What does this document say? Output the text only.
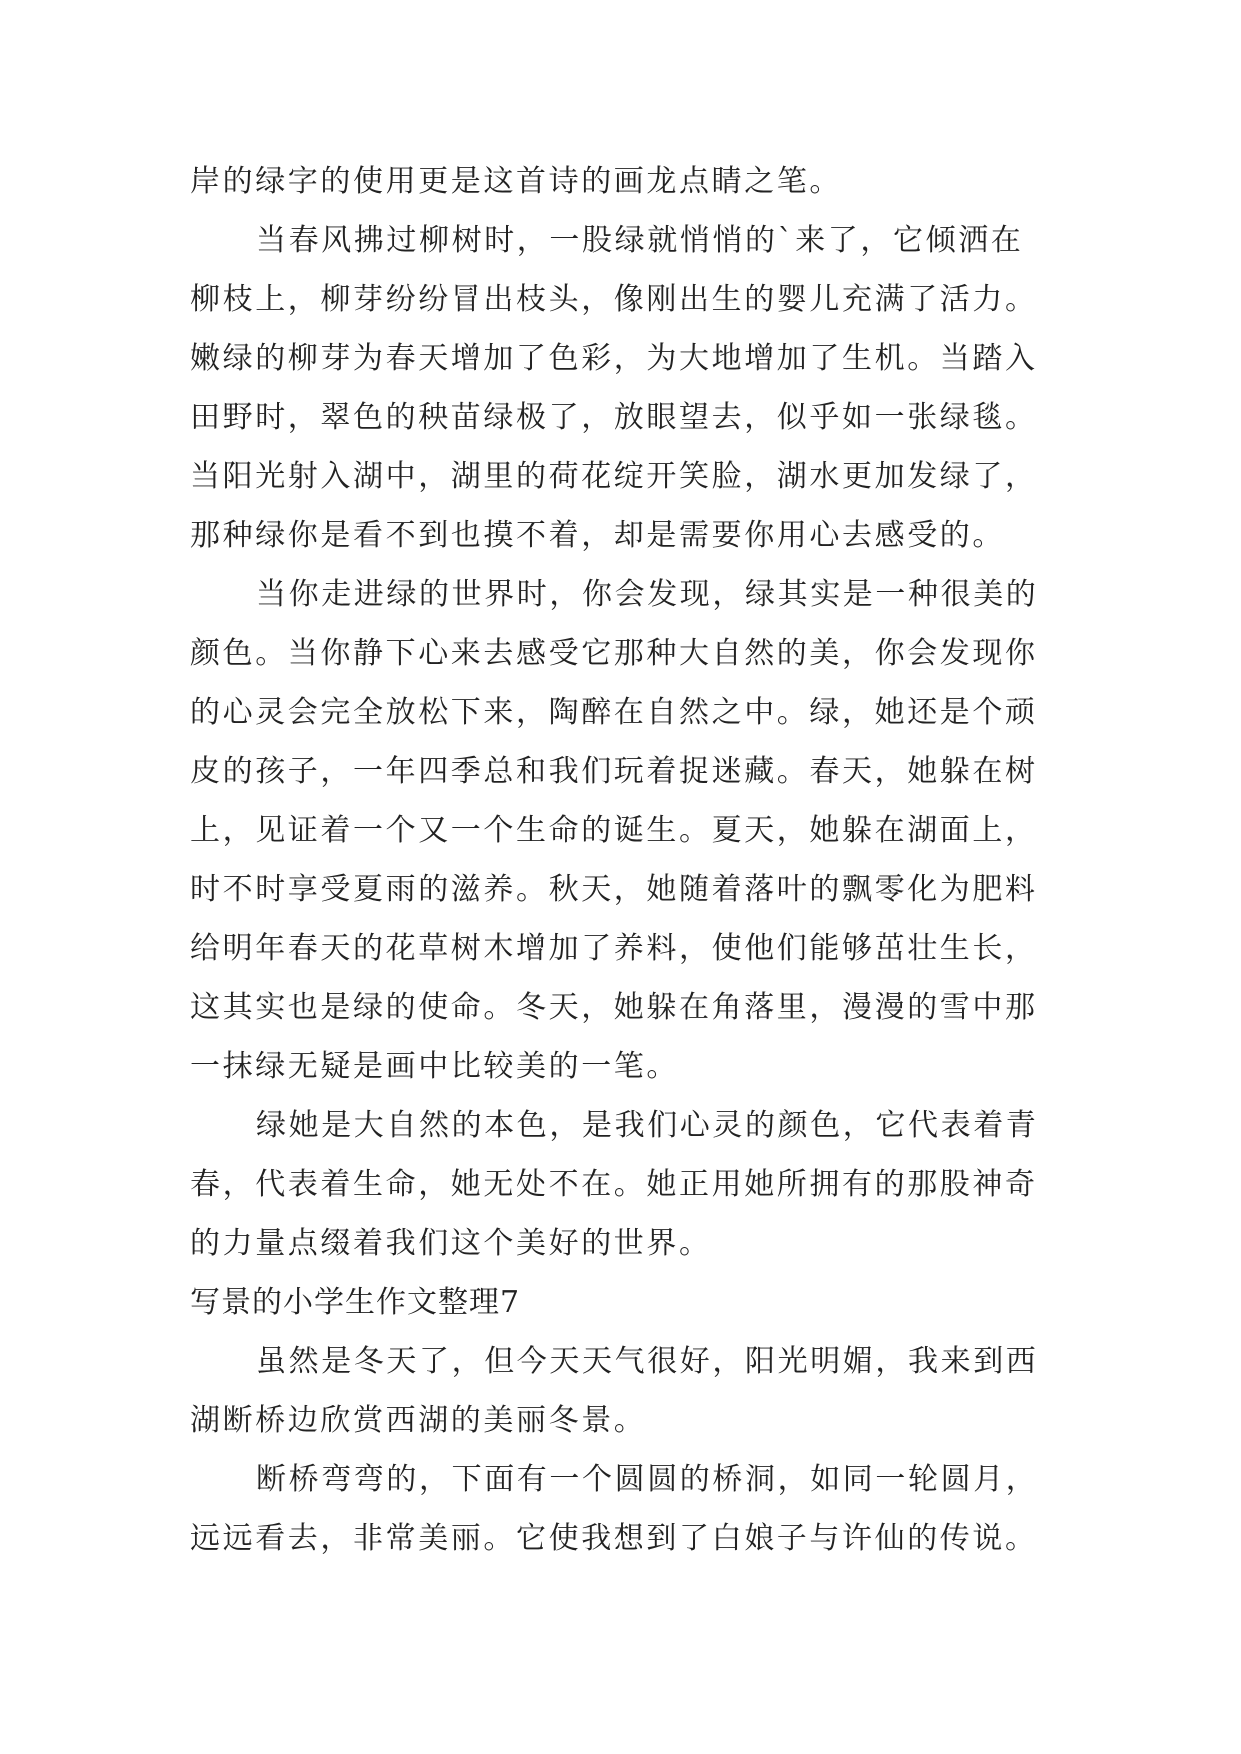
岸的绿字的使用更是这首诗的画龙点睛之笔。
当春风拂过柳树时，一股绿就悄悄的`来了，它倾洒在
柳枝上，柳芽纷纷冒出枝头，像刚出生的婴儿充满了活力。
嫩绿的柳芽为春天增加了色彩，为大地增加了生机。当踏入
田野时，翠色的秧苗绿极了，放眼望去，似乎如一张绿毯。
当阳光射入湖中，湖里的荷花绽开笑脸，湖水更加发绿了，
那种绿你是看不到也摸不着，却是需要你用心去感受的。
当你走进绿的世界时，你会发现，绿其实是一种很美的
颜色。当你静下心来去感受它那种大自然的美，你会发现你
的心灵会完全放松下来，陶醉在自然之中。绿，她还是个顽
皮的孩子，一年四季总和我们玩着捉迷藏。春天，她躲在树
上，见证着一个又一个生命的诞生。夏天，她躲在湖面上，
时不时享受夏雨的滋养。秋天，她随着落叶的飘零化为肥料
给明年春天的花草树木增加了养料，使他们能够茁壮生长，
这其实也是绿的使命。冬天，她躲在角落里，漫漫的雪中那
一抹绿无疑是画中比较美的一笔。
绿她是大自然的本色，是我们心灵的颜色，它代表着青
春，代表着生命，她无处不在。她正用她所拥有的那股神奇
的力量点缀着我们这个美好的世界。
写景的小学生作文整理7
虽然是冬天了，但今天天气很好，阳光明媚，我来到西
湖断桥边欣赏西湖的美丽冬景。
断桥弯弯的，下面有一个圆圆的桥洞，如同一轮圆月，
远远看去，非常美丽。它使我想到了白娘子与许仙的传说。
